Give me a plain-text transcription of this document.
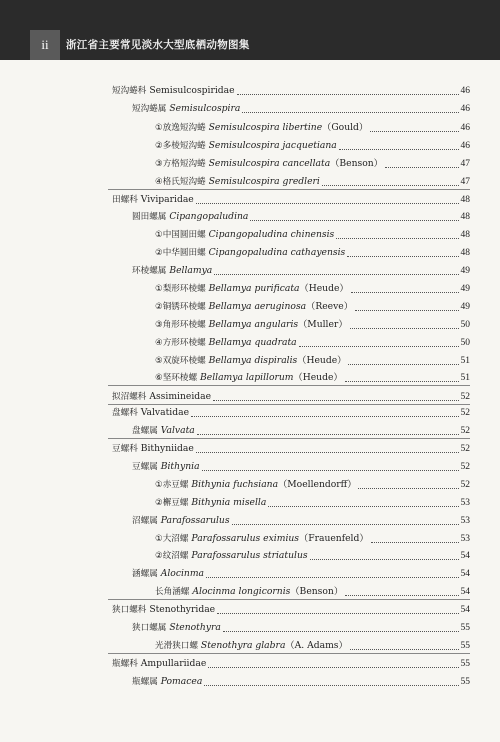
ii 浙江省主要常见淡水大型底栖动物图集
短沟蜷科 Semisulcospiridae	46
短沟蜷属 Semisulcospira	46
①放逸短沟蜷 Semisulcospira libertine（Gould）	46
②多棱短沟蜷 Semisulcospira jacquetiana	46
③方格短沟蜷 Semisulcospira cancellata（Benson）	47
④格氏短沟蜷 Semisulcospira gredleri	47
田螺科 Viviparidae	48
圆田螺属 Cipangopaludina	48
①中国圆田螺 Cipangopaludina chinensis	48
②中华圆田螺 Cipangopaludina cathayensis	48
环棱螺属 Bellamya	49
①梨形环棱螺 Bellamya purificata（Heude）	49
②铜锈环棱螺 Bellamya aeruginosa（Reeve）	49
③角形环棱螺 Bellamya angularis（Muller）	50
④方形环棱螺 Bellamya quadrata	50
⑤双旋环棱螺 Bellamya dispiralis（Heude）	51
⑥坚环棱螺 Bellamya lapillorum（Heude）	51
拟沼螺科 Assimineidae	52
盘螺科 Valvatidae	52
盘螺属 Valvata	52
豆螺科 Bithyniidae	52
豆螺属 Bithynia	52
①赤豆螺 Bithynia fuchsiana（Moellendorff）	52
②檞豆螺 Bithynia misella	53
沼螺属 Parafossarulus	53
①大沼螺 Parafossarulus eximius（Frauenfeld）	53
②纹沼螺 Parafossarulus striatulus	54
涵螺属 Alocinma	54
长角涵螺 Alocinma longicornis（Benson）	54
狭口螺科 Stenothyridae	54
狭口螺属 Stenothyra	55
光滑狭口螺 Stenothyra glabra（A. Adams）	55
瓶螺科 Ampullariidae	55
瓶螺属 Pomacea	55
